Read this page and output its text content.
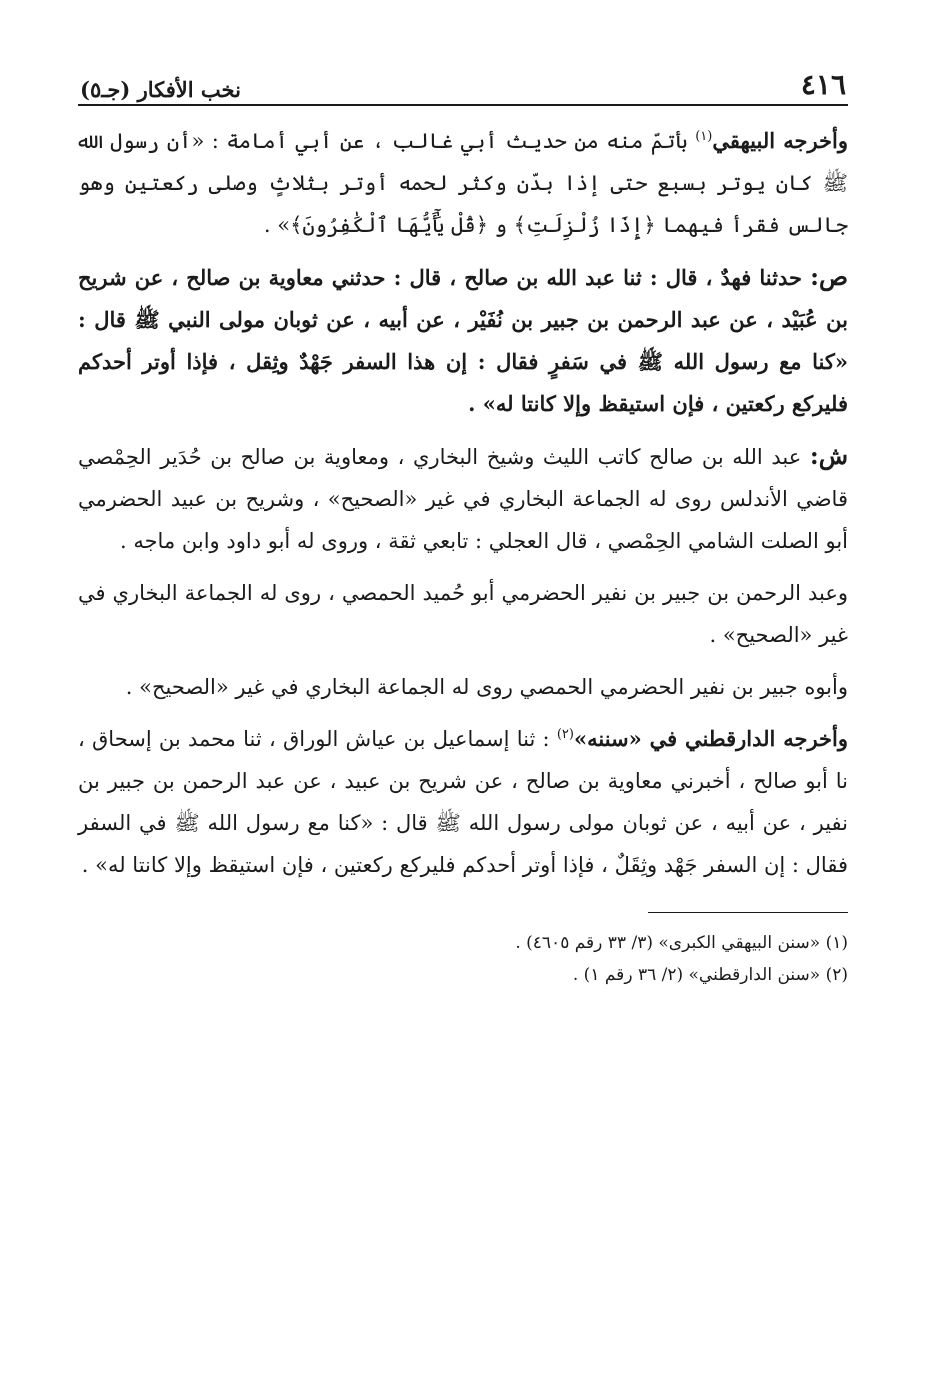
٤١٦
نخب الأفكار (جـ٥)

وأخرجه البيهقي$^{(١)}$ بأتمّ منه من حديث أبي غالب ، عن أبي أمامة : «أن رسول الله ﷺ كان يوتر بسبع حتى إذا بدّن وكثر لحمه أوتر بثلاثٍ وصلى ركعتين وهو جالس فقرأ فيهما ﴿إِذَا زُلْزِلَتِ﴾ و ﴿قُلْ يَٰٓأَيُّهَا ٱلْكَٰفِرُونَ﴾» .

ص: حدثنا فهدٌ ، قال : ثنا عبد الله بن صالح ، قال : حدثني معاوية بن صالح ، عن شريح بن عُبَيْد ، عن عبد الرحمن بن جبير بن نُفَيْر ، عن أبيه ، عن ثوبان مولى النبي ﷺ قال : «كنا مع رسول الله ﷺ في سَفرٍ فقال : إن هذا السفر جَهْدٌ وثِقل ، فإذا أوتر أحدكم فليركع ركعتين ، فإن استيقظ وإلا كانتا له» .

ش: عبد الله بن صالح كاتب الليث وشيخ البخاري ، ومعاوية بن صالح بن حُدَير الحِمْصي قاضي الأندلس روى له الجماعة البخاري في غير «الصحيح» ، وشريح بن عبيد الحضرمي أبو الصلت الشامي الحِمْصي ، قال العجلي : تابعي ثقة ، وروى له أبو داود وابن ماجه .

وعبد الرحمن بن جبير بن نفير الحضرمي أبو حُميد الحمصي ، روى له الجماعة البخاري في غير «الصحيح» .

وأبوه جبير بن نفير الحضرمي الحمصي روى له الجماعة البخاري في غير «الصحيح» .

وأخرجه الدارقطني في «سننه»$^{(٢)}$ : ثنا إسماعيل بن عياش الوراق ، ثنا محمد بن إسحاق ، نا أبو صالح ، أخبرني معاوية بن صالح ، عن شريح بن عبيد ، عن عبد الرحمن بن جبير بن نفير ، عن أبيه ، عن ثوبان مولى رسول الله ﷺ قال : «كنا مع رسول الله ﷺ في السفر فقال : إن السفر جَهْد وثِقَلٌ ، فإذا أوتر أحدكم فليركع ركعتين ، فإن استيقظ وإلا كانتا له» .

(١) «سنن البيهقي الكبرى» (٣/ ٣٣ رقم ٤٦٠٥) .

(٢) «سنن الدارقطني» (٢/ ٣٦ رقم ١) .
